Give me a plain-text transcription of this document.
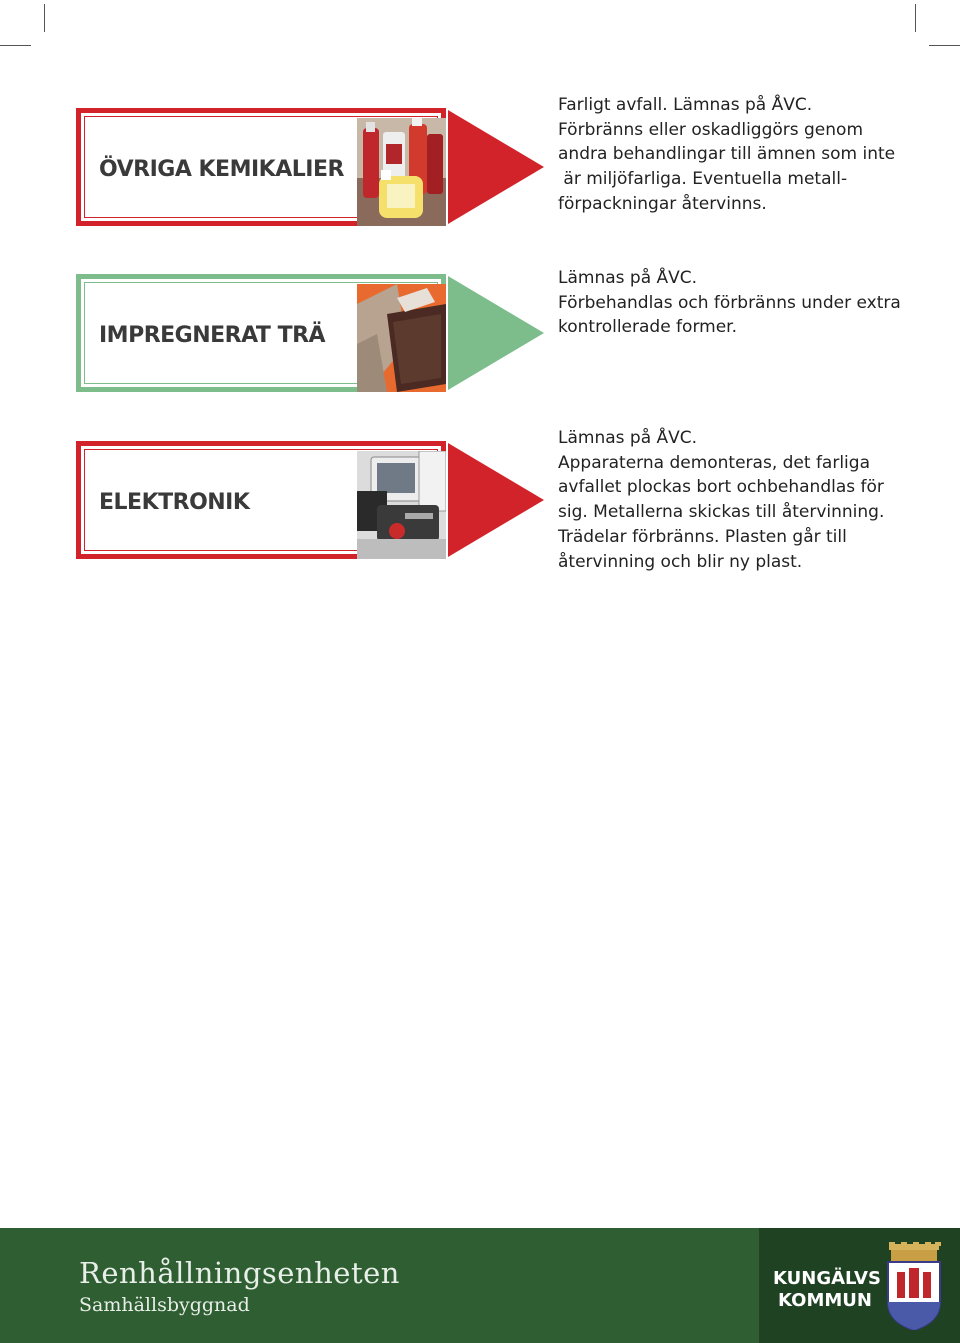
ÖVRIGA KEMIKALIER
Farligt avfall. Lämnas på ÅVC.
Förbränns eller oskadliggörs genom
andra behandlingar till ämnen som inte
är miljöfarliga. Eventuella metall-
förpackningar återvinns.
IMPREGNERAT TRÄ
Lämnas på ÅVC.
Förbehandlas och förbränns under extra
kontrollerade former.
ELEKTRONIK
Lämnas på ÅVC.
Apparaterna demonteras, det farliga
avfallet plockas bort ochbehandlas för
sig. Metallerna skickas till återvinning.
Trädelar förbränns. Plasten går till
återvinning och blir ny plast.
Renhållningsenheten
Samhällsbyggnad
KUNGÄLVS
KOMMUN
